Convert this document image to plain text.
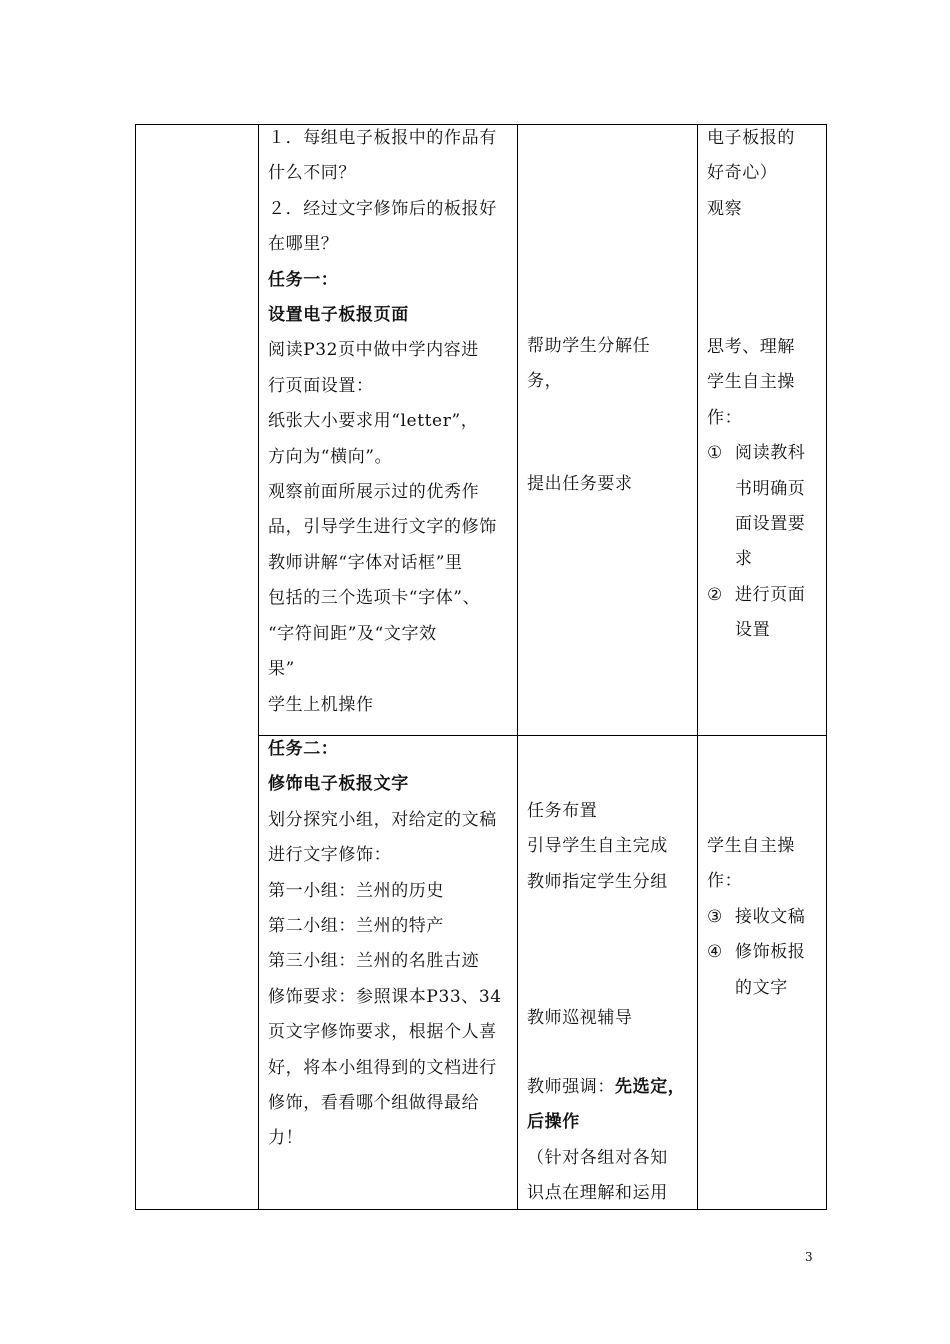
１．每组电子板报中的作品有
什么不同？
２．经过文字修饰后的板报好
在哪里？
任务一：
设置电子板报页面
阅读P32页中做中学内容进
行页面设置：
纸张大小要求用“letter”，
方向为“横向”。
观察前面所展示过的优秀作
品，引导学生进行文字的修饰
教师讲解“字体对话框”里
包括的三个选项卡“字体”、
“字符间距”及“文字效
果”
学生上机操作
帮助学生分解任
务，
提出任务要求
电子板报的
好奇心）
观察
思考、理解
学生自主操
作：
① 阅读教科
书明确页
面设置要
求
② 进行页面
设置
任务二：
修饰电子板报文字
划分探究小组，对给定的文稿
进行文字修饰：
第一小组：兰州的历史
第二小组：兰州的特产
第三小组：兰州的名胜古迹
修饰要求：参照课本P33、34
页文字修饰要求，根据个人喜
好，将本小组得到的文档进行
修饰，看看哪个组做得最给
力！
任务布置
引导学生自主完成
教师指定学生分组
教师巡视辅导
教师强调：先选定，
后操作
（针对各组对各知
识点在理解和运用
学生自主操
作：
③ 接收文稿
④ 修饰板报
的文字
3
